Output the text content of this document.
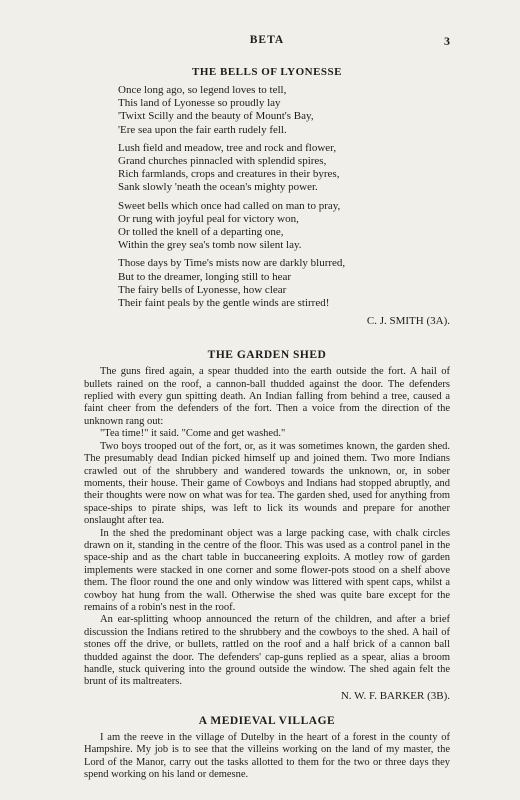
BETA	3
THE BELLS OF LYONESSE
Once long ago, so legend loves to tell,
This land of Lyonesse so proudly lay
'Twixt Scilly and the beauty of Mount's Bay,
'Ere sea upon the fair earth rudely fell.
Lush field and meadow, tree and rock and flower,
Grand churches pinnacled with splendid spires,
Rich farmlands, crops and creatures in their byres,
Sank slowly 'neath the ocean's mighty power.
Sweet bells which once had called on man to pray,
Or rung with joyful peal for victory won,
Or tolled the knell of a departing one,
Within the grey sea's tomb now silent lay.
Those days by Time's mists now are darkly blurred,
But to the dreamer, longing still to hear
The fairy bells of Lyonesse, how clear
Their faint peals by the gentle winds are stirred!
C. J. SMITH (3A).
THE GARDEN SHED

The guns fired again, a spear thudded into the earth outside the fort. A hail of bullets rained on the roof, a cannon-ball thudded against the door. The defenders replied with every gun spitting death. An Indian falling from behind a tree, caused a faint cheer from the defenders of the fort. Then a voice from the direction of the unknown rang out:

"Tea time!" it said. "Come and get washed."

Two boys trooped out of the fort, or, as it was sometimes known, the garden shed. The presumably dead Indian picked himself up and joined them. Two more Indians crawled out of the shrubbery and wandered towards the unknown, or, in sober moments, their house. Their game of Cowboys and Indians had stopped abruptly, and their thoughts were now on what was for tea. The garden shed, used for anything from space-ships to pirate ships, was left to lick its wounds and prepare for another onslaught after tea.

In the shed the predominant object was a large packing case, with chalk circles drawn on it, standing in the centre of the floor. This was used as a control panel in the space-ship and as the chart table in buccaneering exploits. A motley row of garden implements were stacked in one corner and some flower-pots stood on a shelf above them. The floor round the one and only window was littered with spent caps, whilst a cowboy hat hung from the wall. Otherwise the shed was quite bare except for the remains of a robin's nest in the roof.

An ear-splitting whoop announced the return of the children, and after a brief discussion the Indians retired to the shrubbery and the cowboys to the shed. A hail of stones off the drive, or bullets, rattled on the roof and a half brick of a cannon ball thudded against the door. The defenders' cap-guns replied as a spear, alias a broom handle, stuck quivering into the ground outside the window. The shed again felt the brunt of its maltreaters.

N. W. F. BARKER (3B).
A MEDIEVAL VILLAGE

I am the reeve in the village of Dutelby in the heart of a forest in the county of Hampshire. My job is to see that the villeins working on the land of my master, the Lord of the Manor, carry out the tasks allotted to them for the two or three days they spend working on his land or demesne.
